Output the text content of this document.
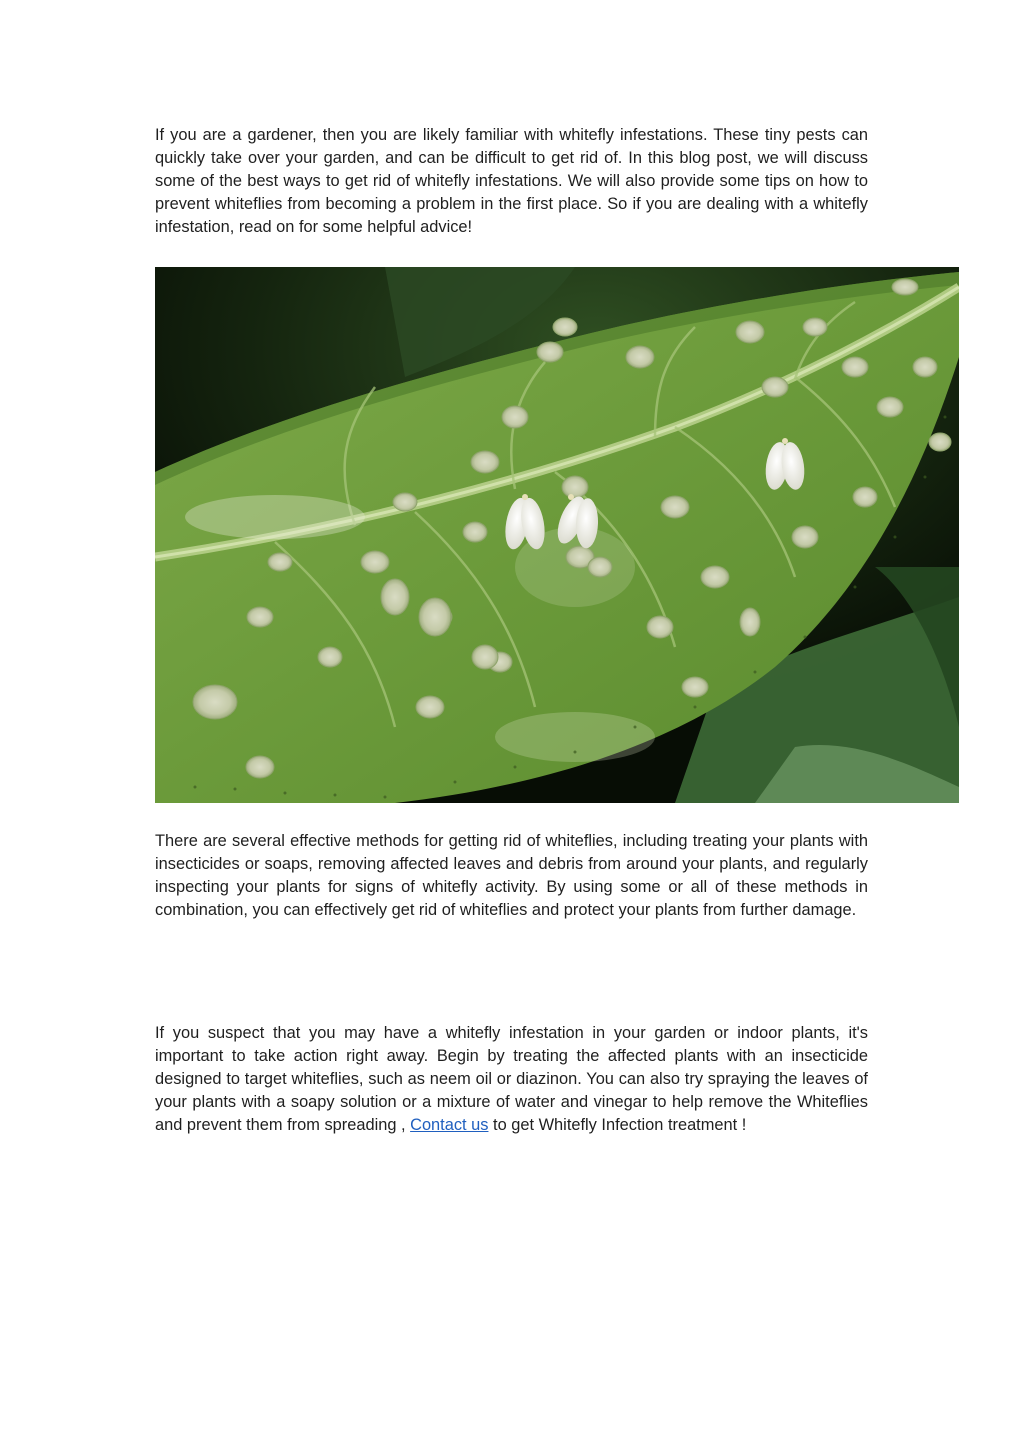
If you are a gardener, then you are likely familiar with whitefly infestations. These tiny pests can quickly take over your garden, and can be difficult to get rid of. In this blog post, we will discuss some of the best ways to get rid of whitefly infestations. We will also provide some tips on how to prevent whiteflies from becoming a problem in the first place. So if you are dealing with a whitefly infestation, read on for some helpful advice!

There are several effective methods for getting rid of whiteflies, including treating your plants with insecticides or soaps, removing affected leaves and debris from around your plants, and regularly inspecting your plants for signs of whitefly activity. By using some or all of these methods in combination, you can effectively get rid of whiteflies and protect your plants from further damage.

If you suspect that you may have a whitefly infestation in your garden or indoor plants, it's important to take action right away. Begin by treating the affected plants with an insecticide designed to target whiteflies, such as neem oil or diazinon. You can also try spraying the leaves of your plants with a soapy solution or a mixture of water and vinegar to help remove the Whiteflies and prevent them from spreading , Contact us to get Whitefly Infection treatment !
